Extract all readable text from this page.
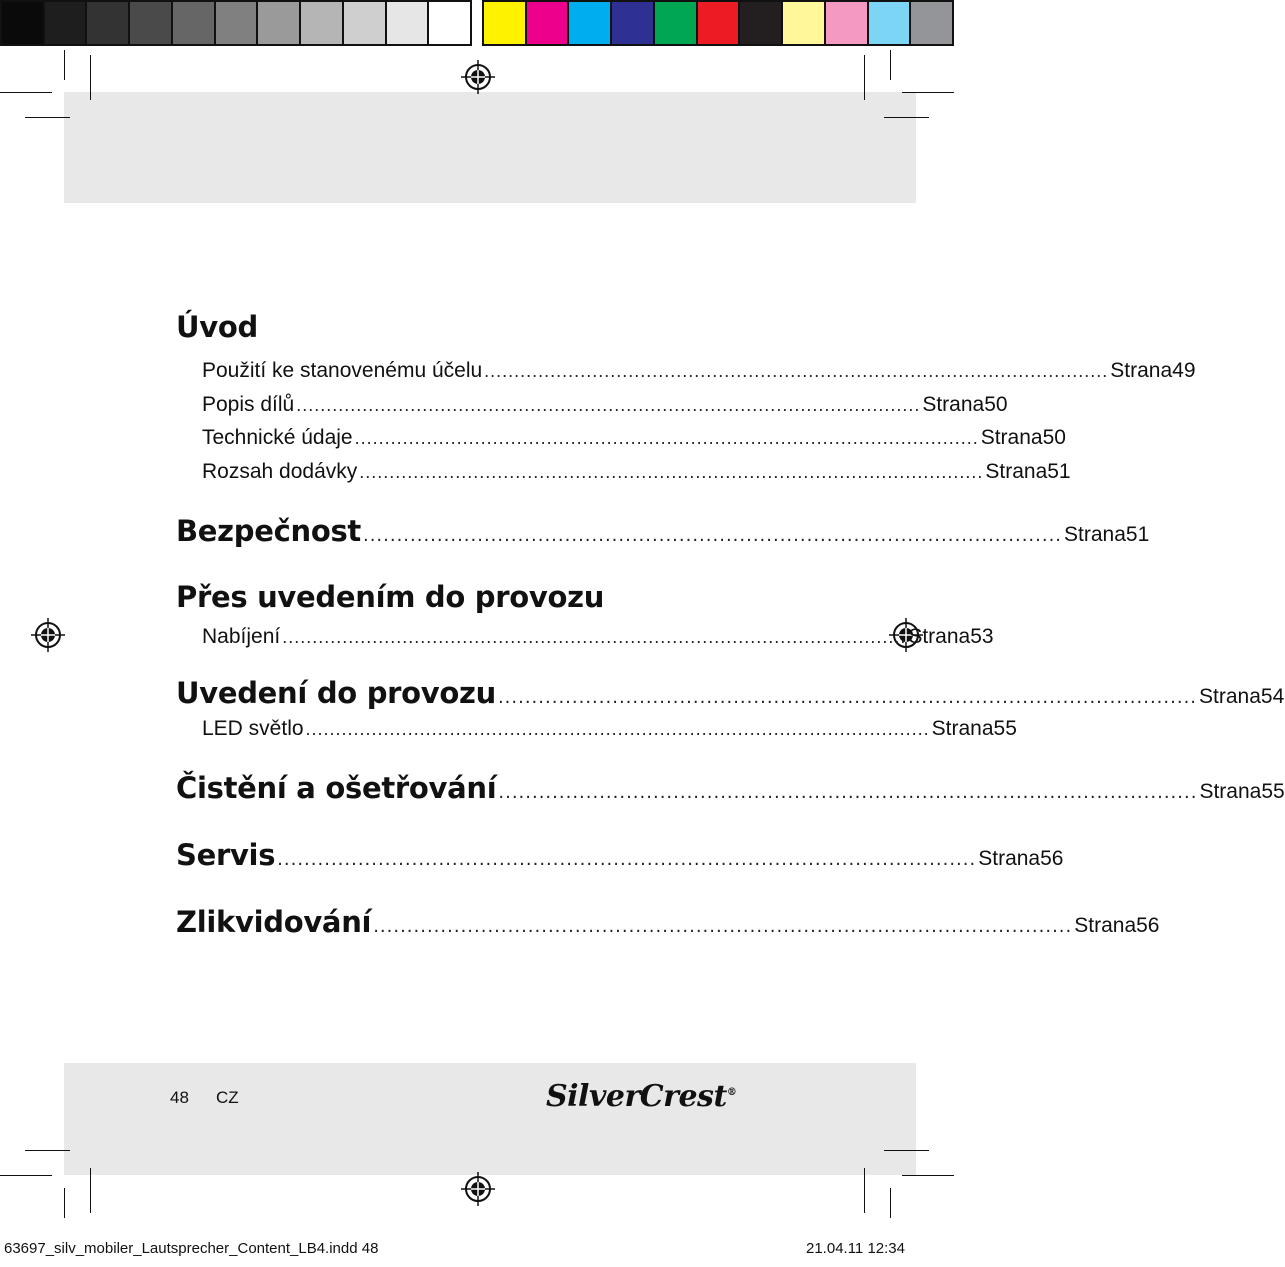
Úvod
Použití ke stanovenému účelu ........................................................................................................ Strana 49
Popis dílů ........................................................................................................ Strana 50
Technické údaje ........................................................................................................ Strana 50
Rozsah dodávky ........................................................................................................ Strana 51
Bezpečnost ........................................................................................................ Strana 51
Přes uvedením do provozu
Nabíjení ........................................................................................................ Strana 53
Uvedení do provozu ........................................................................................................ Strana 54
LED světlo ........................................................................................................ Strana 55
Čistění a ošetřování ........................................................................................................ Strana 55
Servis ........................................................................................................ Strana 56
Zlikvidování ........................................................................................................ Strana 56
48 CZ	SilverCrest®
63697_silv_mobiler_Lautsprecher_Content_LB4.indd 48	21.04.11 12:34
